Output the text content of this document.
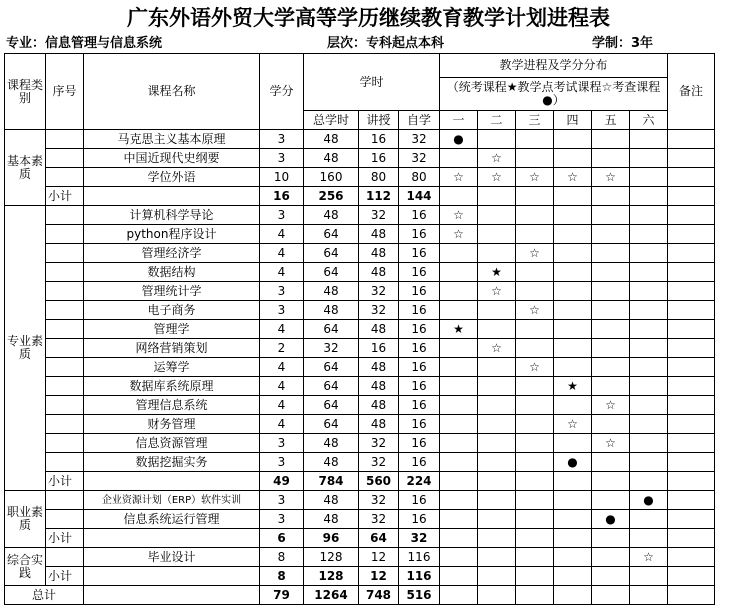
广东外语外贸大学高等学历继续教育教学计划进程表
专业：信息管理与信息系统	层次：专科起点本科	学制：3年
课程类别	序号	课程名称	学分	学时			教学进程及学分分布						备注
							（统考课程★教学点考试课程☆考查课程●）						
				总学时	讲授	自学	一	二	三	四	五	六	
基本素质		马克思主义基本原理	3	48	16	32	●						
		中国近现代史纲要	3	48	16	32		☆					
		学位外语	10	160	80	80	☆	☆	☆	☆	☆		
	小计		16	256	112	144							
专业素质		计算机科学导论	3	48	32	16	☆						
		python程序设计	4	64	48	16	☆						
		管理经济学	4	64	48	16			☆				
		数据结构	4	64	48	16		★					
		管理统计学	3	48	32	16		☆					
		电子商务	3	48	32	16			☆				
		管理学	4	64	48	16	★						
		网络营销策划	2	32	16	16		☆					
		运筹学	4	64	48	16			☆				
		数据库系统原理	4	64	48	16				★			
		管理信息系统	4	64	48	16					☆		
		财务管理	4	64	48	16				☆			
		信息资源管理	3	48	32	16					☆		
		数据挖掘实务	3	48	32	16				●			
	小计		49	784	560	224							
职业素质		企业资源计划（ERP）软件实训	3	48	32	16						●	
		信息系统运行管理	3	48	32	16					●		
	小计		6	96	64	32							
综合实践		毕业设计	8	128	12	116						☆	
	小计		8	128	12	116							
总计			79	1264	748	516							
